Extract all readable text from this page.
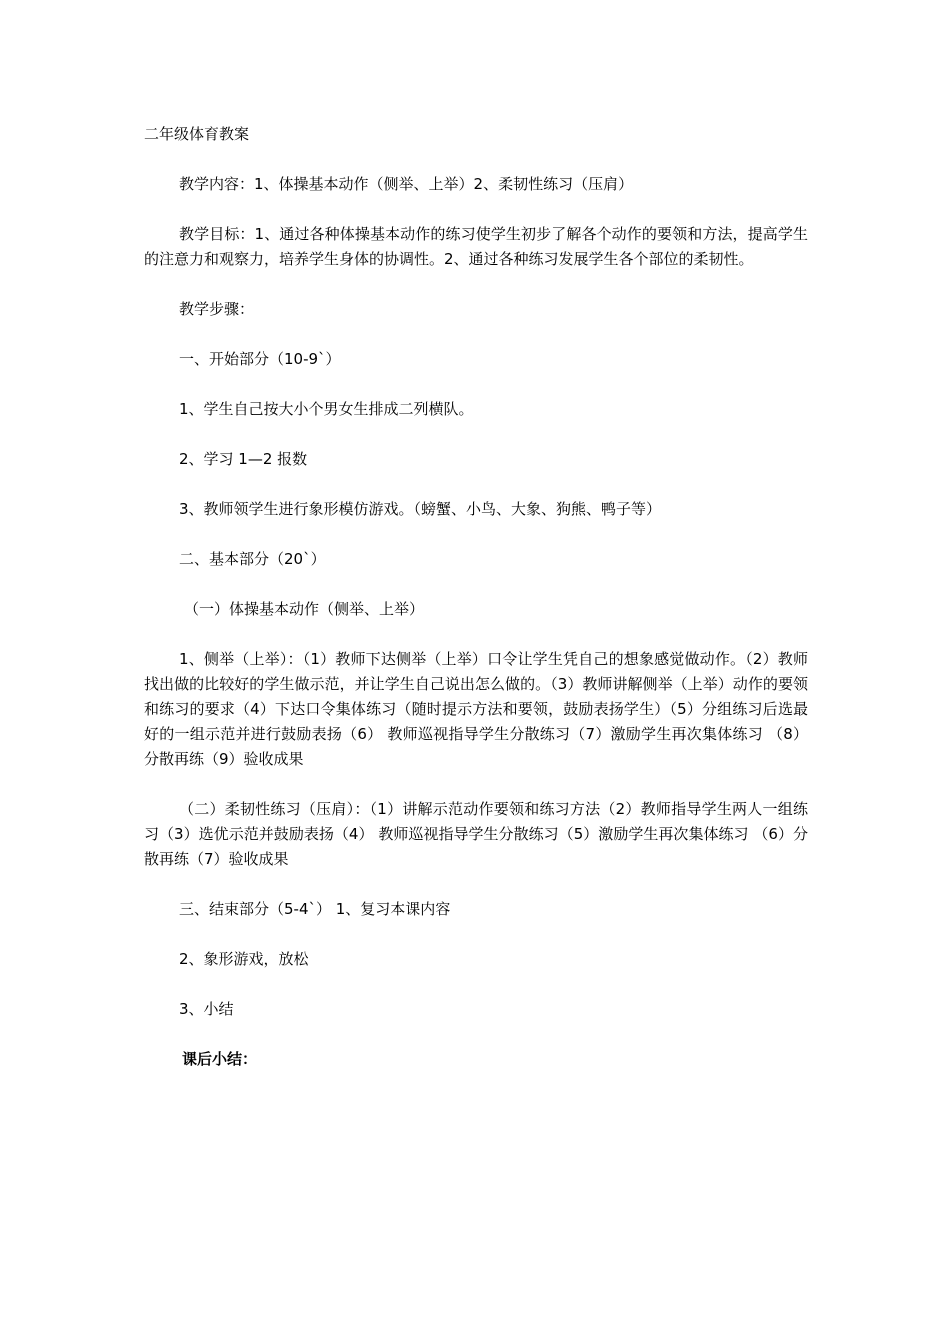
二年级体育教案

教学内容：1、体操基本动作（侧举、上举）2、柔韧性练习（压肩）

教学目标：1、通过各种体操基本动作的练习使学生初步了解各个动作的要领和方法，提高学生的注意力和观察力，培养学生身体的协调性。2、通过各种练习发展学生各个部位的柔韧性。

教学步骤：

一、开始部分（10-9`）

1、学生自己按大小个男女生排成二列横队。

2、学习 1—2 报数

3、教师领学生进行象形模仿游戏。（螃蟹、小鸟、大象、狗熊、鸭子等）

二、基本部分（20`）

（一）体操基本动作（侧举、上举）

1、侧举（上举）：（1）教师下达侧举（上举）口令让学生凭自己的想象感觉做动作。（2）教师找出做的比较好的学生做示范，并让学生自己说出怎么做的。（3）教师讲解侧举（上举）动作的要领和练习的要求（4）下达口令集体练习（随时提示方法和要领，鼓励表扬学生）（5）分组练习后选最好的一组示范并进行鼓励表扬（6） 教师巡视指导学生分散练习（7）激励学生再次集体练习 （8）分散再练（9）验收成果

（二）柔韧性练习（压肩）：（1）讲解示范动作要领和练习方法（2）教师指导学生两人一组练习（3）选优示范并鼓励表扬（4） 教师巡视指导学生分散练习（5）激励学生再次集体练习 （6）分散再练（7）验收成果

三、结束部分（5-4`） 1、复习本课内容

2、象形游戏，放松

3、小结

课后小结：
